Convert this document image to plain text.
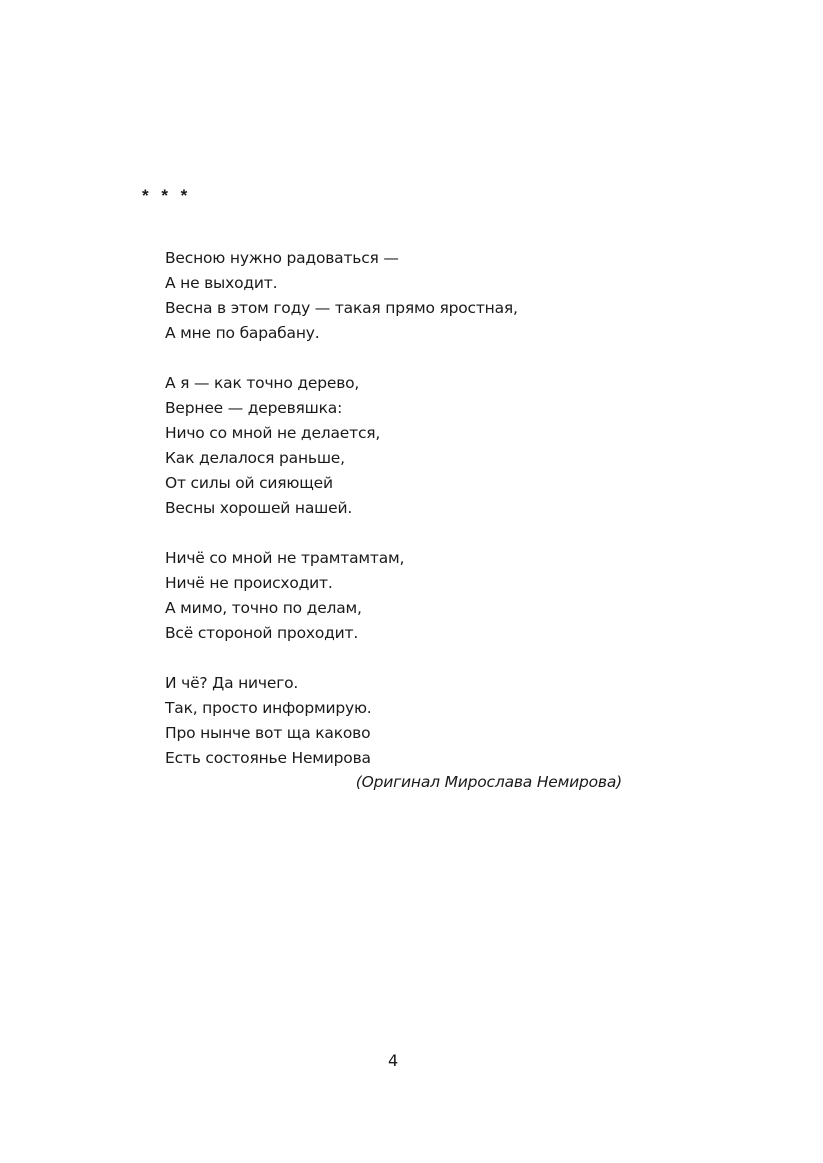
* * *
Весною нужно радоваться —
А не выходит.
Весна в этом году — такая прямо яростная,
А мне по барабану.
А я — как точно дерево,
Вернее — деревяшка:
Ничо со мной не делается,
Как делалося раньше,
От силы ой сияющей
Весны хорошей нашей.
Ничё со мной не трамтамтам,
Ничё не происходит.
А мимо, точно по делам,
Всё стороной проходит.
И чё? Да ничего.
Так, просто информирую.
Про нынче вот ща каково
Есть состоянье Немирова
(Оригинал Мирослава Немирова)
4
